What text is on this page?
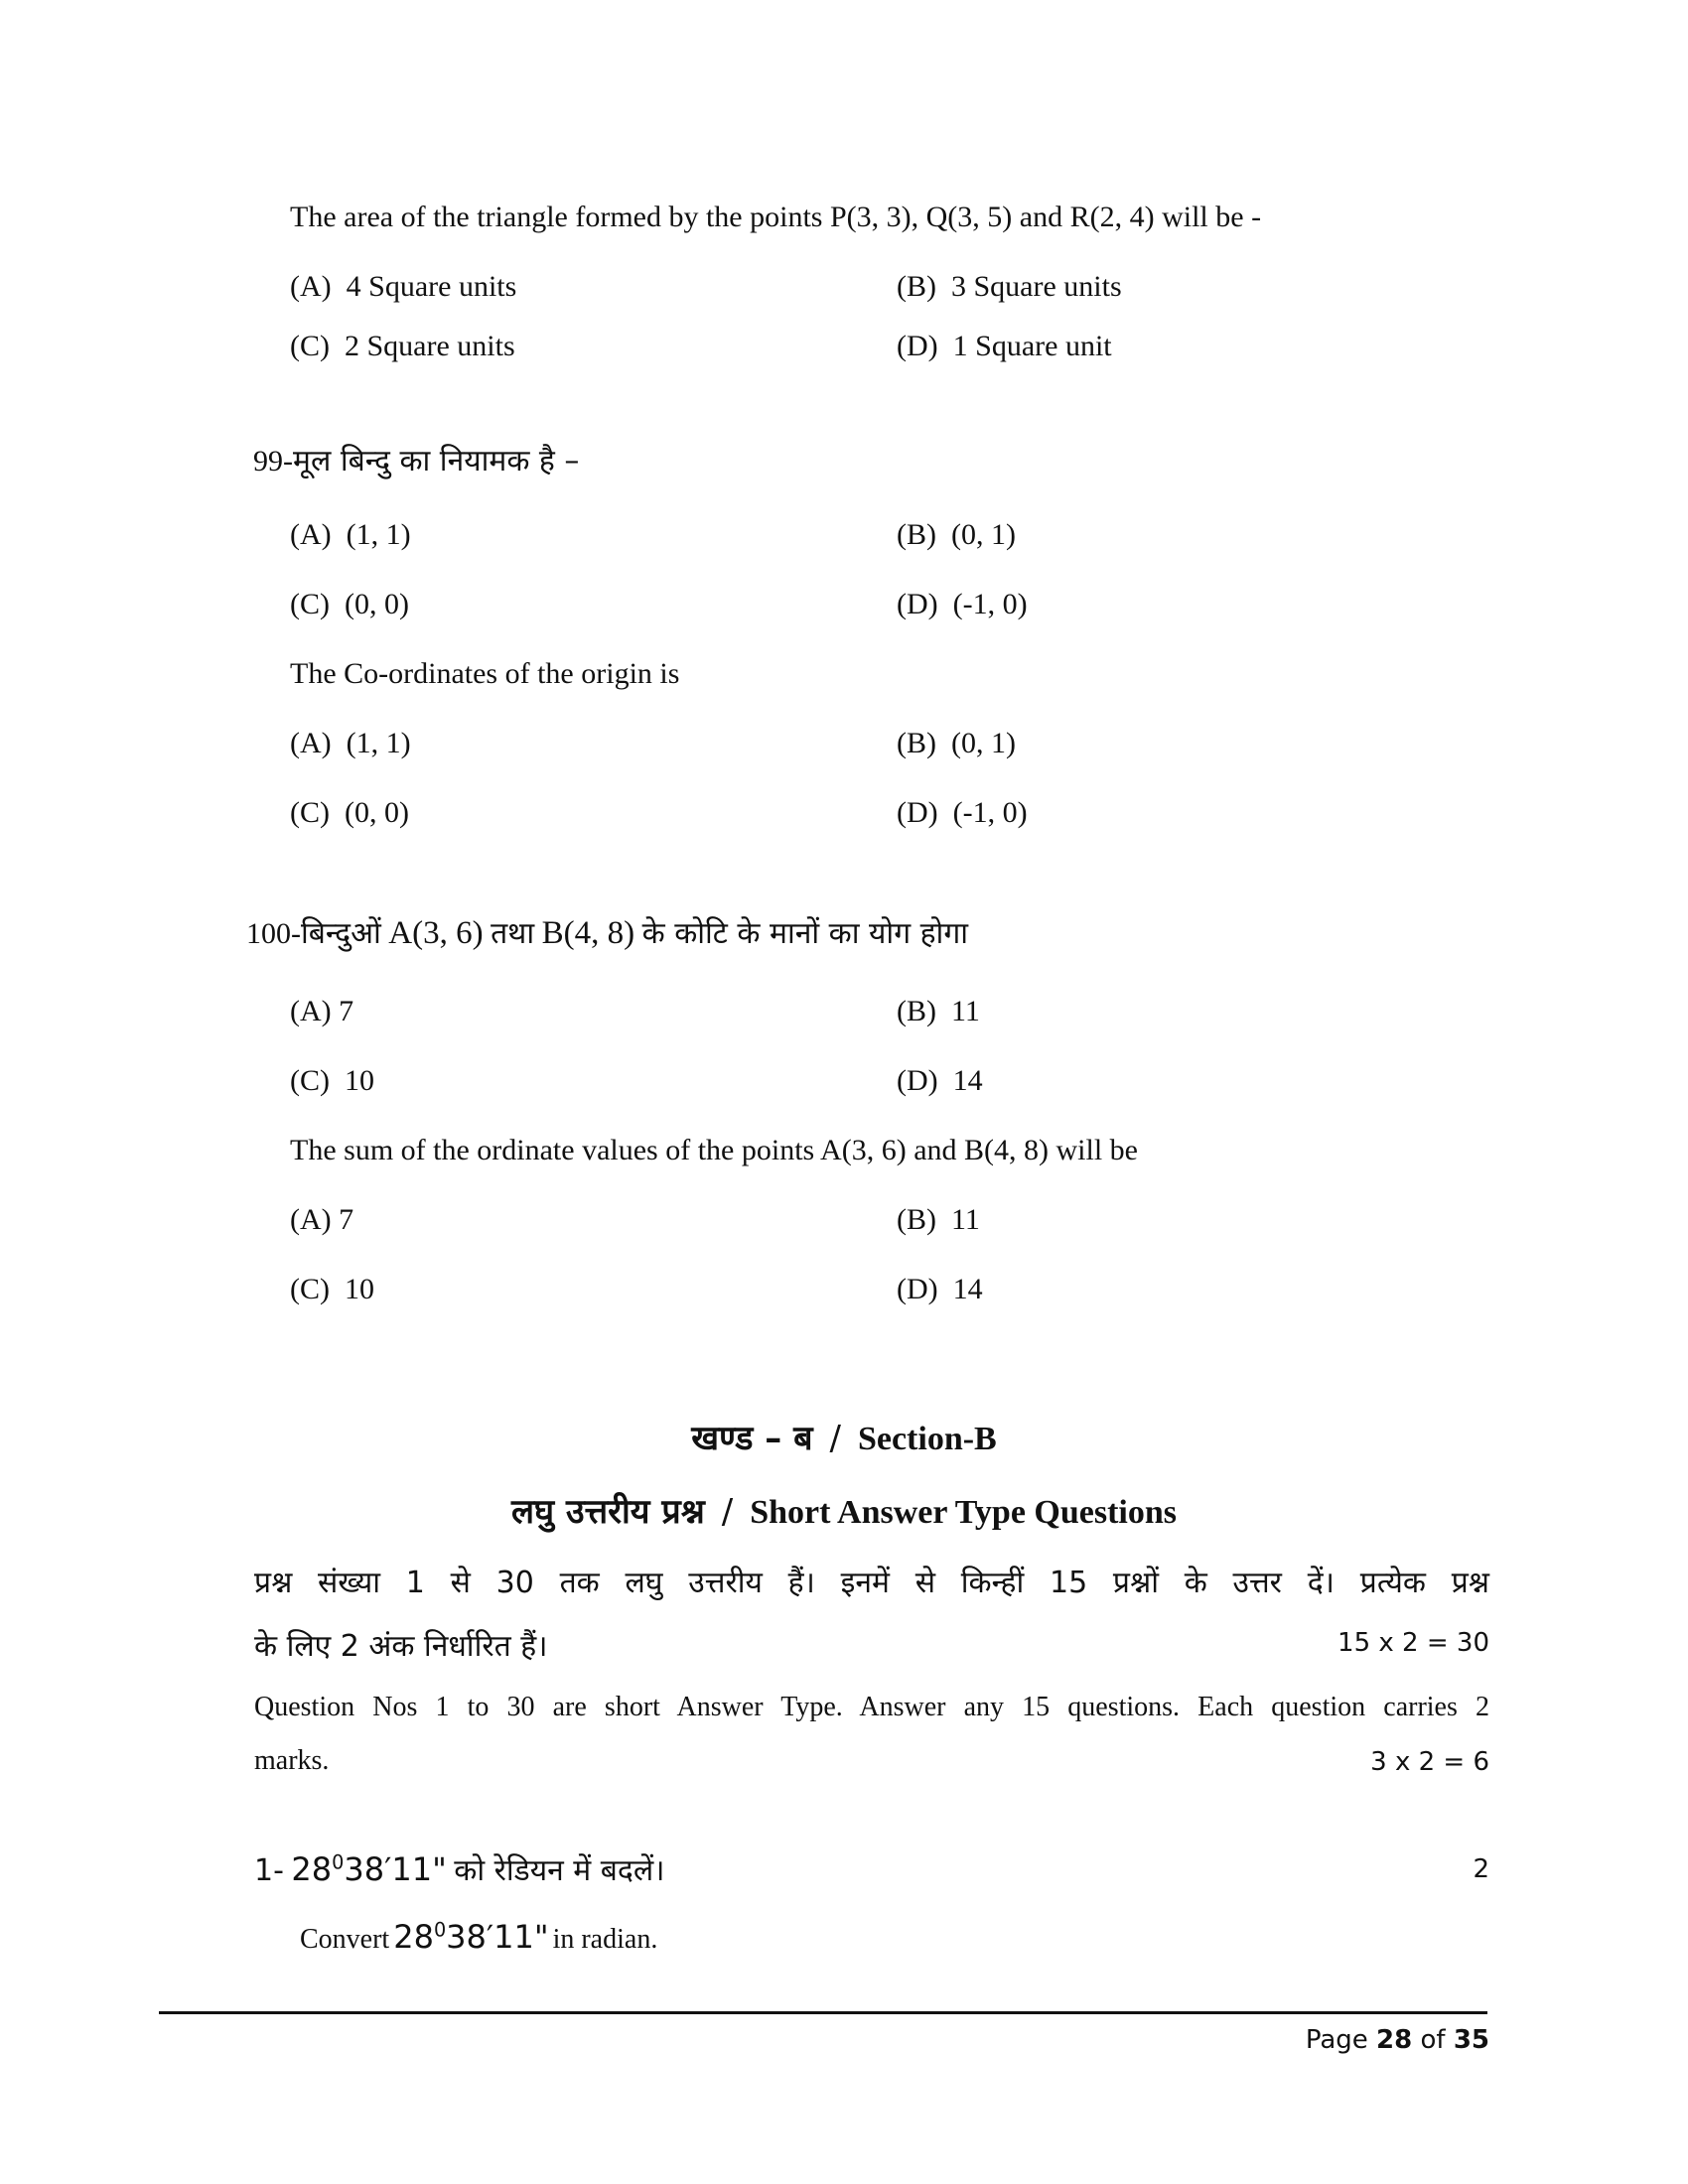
The area of the triangle formed by the points P(3, 3), Q(3, 5) and R(2, 4) will be -
(A) 4 Square units	(B) 3 Square units
(C) 2 Square units	(D) 1 Square unit
99-मूल बिन्दु का नियामक है –
(A) (1, 1)	(B) (0, 1)
(C) (0, 0)	(D) (-1, 0)
The Co-ordinates of the origin is
(A) (1, 1)	(B) (0, 1)
(C) (0, 0)	(D) (-1, 0)
100-बिन्दुओं A(3, 6) तथा B(4, 8) के कोटि के मानों का योग होगा
(A) 7	(B) 11
(C) 10	(D) 14
The sum of the ordinate values of the points A(3, 6) and B(4, 8) will be
(A) 7	(B) 11
(C) 10	(D) 14
खण्ड – ब / Section-B
लघु उत्तरीय प्रश्न / Short Answer Type Questions
प्रश्न संख्या 1 से 30 तक लघु उत्तरीय हैं। इनमें से किन्हीं 15 प्रश्नों के उत्तर दें। प्रत्येक प्रश्न
के लिए 2 अंक निर्धारित हैं।	15 x 2 = 30
Question Nos 1 to 30 are short Answer Type. Answer any 15 questions. Each question carries 2
marks.	3 x 2 = 6
1- $28^038'11$" को रेडियन में बदलें।	2
Convert $28^038'11$" in radian.
Page 28 of 35
